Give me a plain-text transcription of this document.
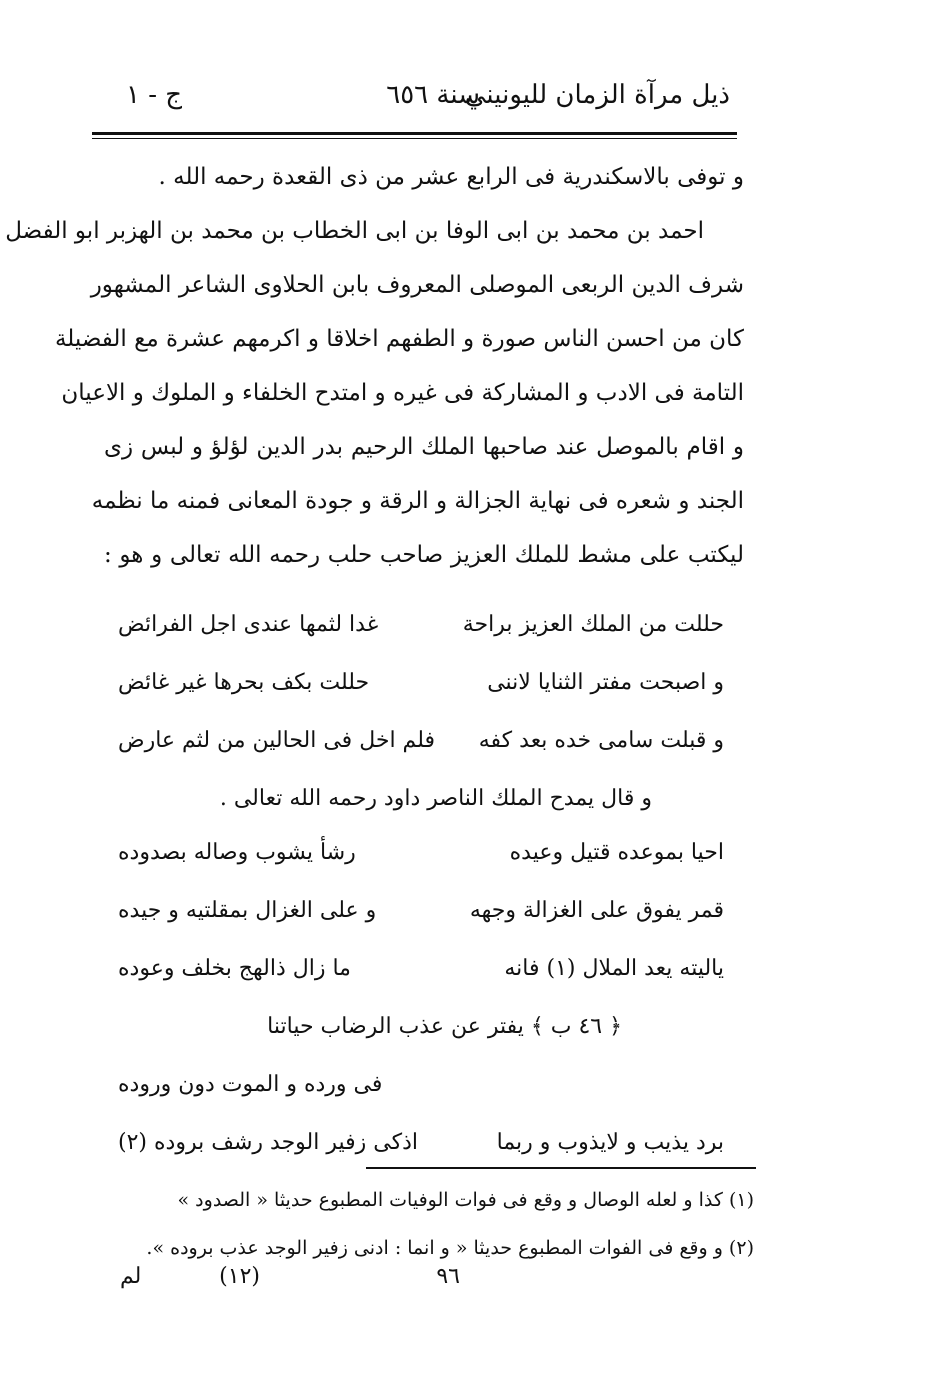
ذيل مرآة الزمان لليونيني
سنة ٦٥٦
ج - ١
و توفى بالاسكندرية فى الرابع عشر من ذى القعدة رحمه الله .
احمد بن محمد بن ابى الوفا بن ابى الخطاب بن محمد بن الهزبر ابو الفضل
شرف الدين الربعى الموصلى المعروف بابن الحلاوى الشاعر المشهور
كان من احسن الناس صورة و الطفهم اخلاقا و اكرمهم عشرة مع الفضيلة
التامة فى الادب و المشاركة فى غيره و امتدح الخلفاء و الملوك و الاعيان
و اقام بالموصل عند صاحبها الملك الرحيم بدر الدين لؤلؤ و لبس زى
الجند و شعره فى نهاية الجزالة و الرقة و جودة المعانى فمنه ما نظمه
ليكتب على مشط للملك العزيز صاحب حلب رحمه الله تعالى و هو :
حللت من الملك العزيز براحة
غدا لثمها عندى اجل الفرائض
و اصبحت مفتر الثنايا لاننى
حللت بكف بحرها غير غائض
و قبلت سامى خده بعد كفه
فلم اخل فى الحالين من لثم عارض
و قال يمدح الملك الناصر داود رحمه الله تعالى .
احيا بموعده قتيل وعيده
رشأ يشوب وصاله بصدوده
قمر يفوق على الغزالة وجهه
و على الغزال بمقلتيه و جيده
ياليته يعد الملال (١) فانه
ما زال ذالهج بخلف وعوده
﴿ ٤٦ ب ﴾ يفتر عن عذب الرضاب حياتنا
فى ورده و الموت دون وروده
برد يذيب و لايذوب و ربما
اذكى زفير الوجد رشف بروده (٢)
(١) كذا و لعله الوصال و وقع فى فوات الوفيات المطبوع حديثا « الصدود »
(٢) و وقع فى الفوات المطبوع حديثا « و انما : ادنى زفير الوجد عذب بروده ».
٩٦
(١٢)
لم
